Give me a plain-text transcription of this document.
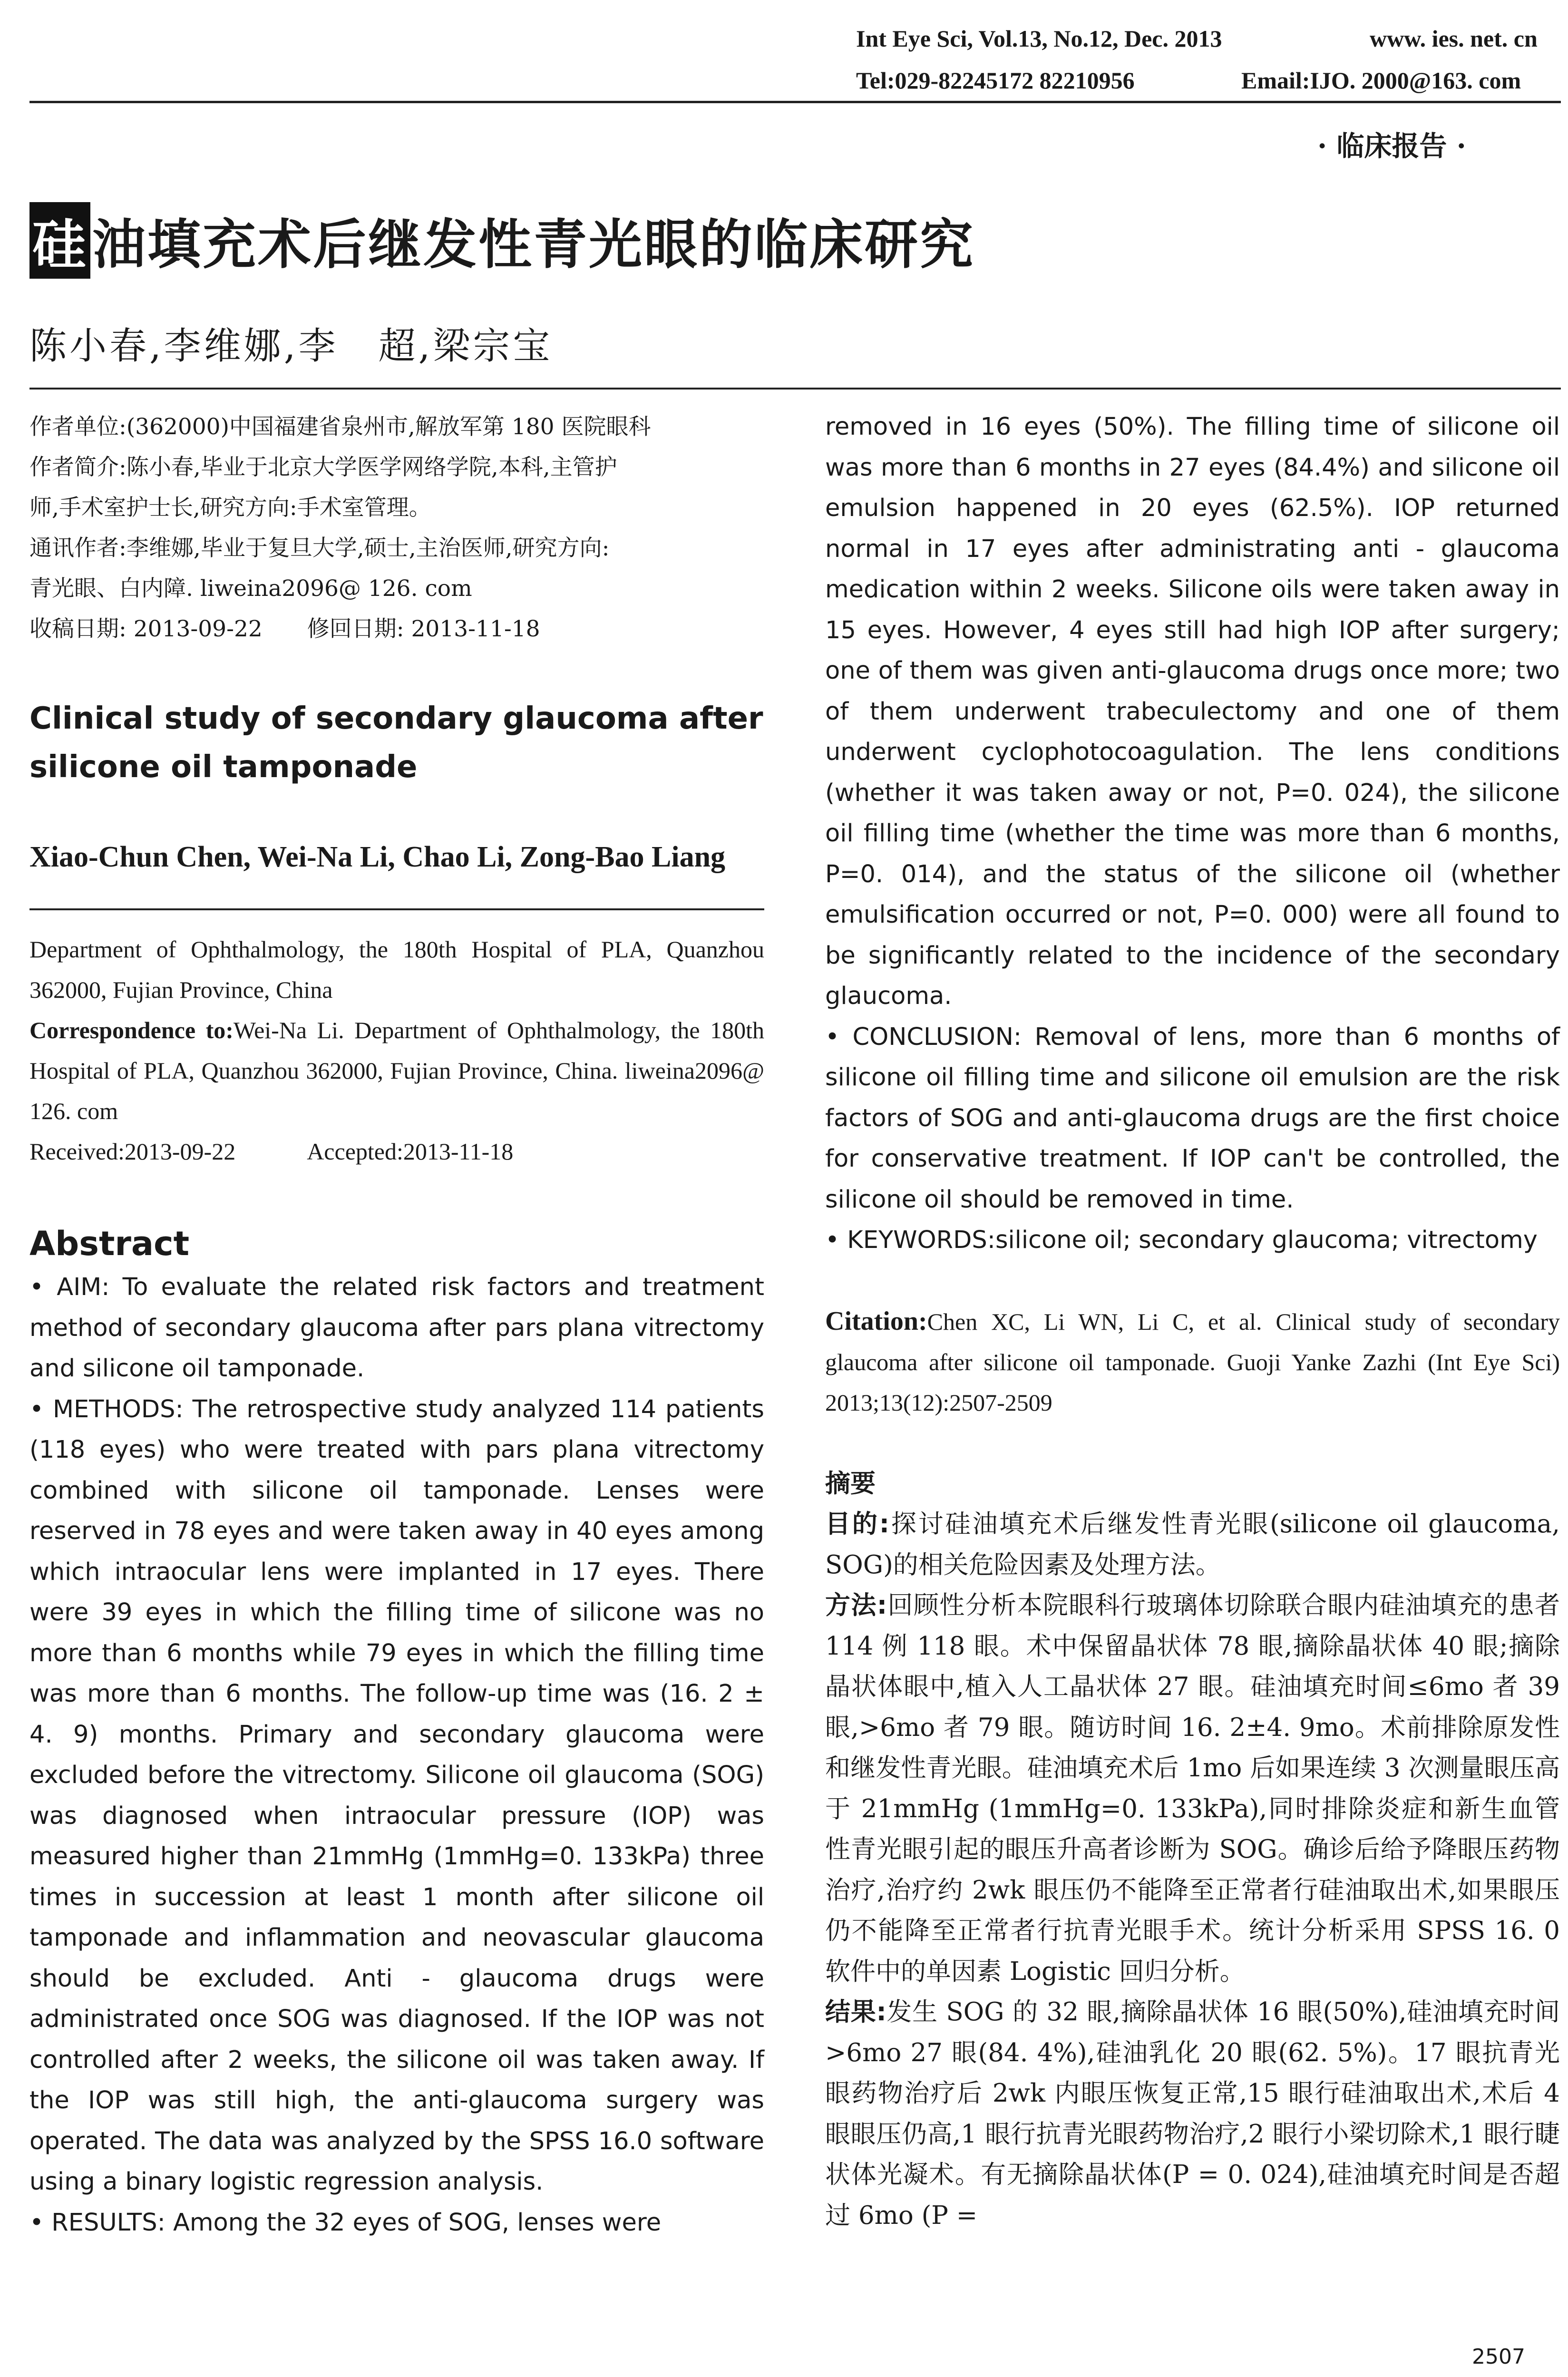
Int Eye Sci, Vol.13, No.12, Dec. 2013	www. ies. net. cn
Tel:029-82245172 82210956	Email:IJO. 2000@163. com
· 临床报告 ·
硅油填充术后继发性青光眼的临床研究
陈小春,李维娜,李　超,梁宗宝
作者单位:(362000)中国福建省泉州市,解放军第 180 医院眼科
作者简介:陈小春,毕业于北京大学医学网络学院,本科,主管护
师,手术室护士长,研究方向:手术室管理。
通讯作者:李维娜,毕业于复旦大学,硕士,主治医师,研究方向:
青光眼、白内障. liweina2096@ 126. com
收稿日期: 2013-09-22　　修回日期: 2013-11-18
Clinical study of secondary glaucoma after silicone oil tamponade
Xiao-Chun Chen, Wei-Na Li, Chao Li, Zong-Bao Liang
Department of Ophthalmology, the 180th Hospital of PLA, Quanzhou 362000, Fujian Province, China
Correspondence to:Wei-Na Li. Department of Ophthalmology, the 180th Hospital of PLA, Quanzhou 362000, Fujian Province, China. liweina2096@ 126. com
Received:2013-09-22　　　Accepted:2013-11-18
Abstract

• AIM: To evaluate the related risk factors and treatment method of secondary glaucoma after pars plana vitrectomy and silicone oil tamponade.

• METHODS: The retrospective study analyzed 114 patients (118 eyes) who were treated with pars plana vitrectomy combined with silicone oil tamponade. Lenses were reserved in 78 eyes and were taken away in 40 eyes among which intraocular lens were implanted in 17 eyes. There were 39 eyes in which the filling time of silicone was no more than 6 months while 79 eyes in which the filling time was more than 6 months. The follow-up time was (16. 2 ± 4. 9) months. Primary and secondary glaucoma were excluded before the vitrectomy. Silicone oil glaucoma (SOG) was diagnosed when intraocular pressure (IOP) was measured higher than 21mmHg (1mmHg=0. 133kPa) three times in succession at least 1 month after silicone oil tamponade and inflammation and neovascular glaucoma should be excluded. Anti - glaucoma drugs were administrated once SOG was diagnosed. If the IOP was not controlled after 2 weeks, the silicone oil was taken away. If the IOP was still high, the anti-glaucoma surgery was operated. The data was analyzed by the SPSS 16.0 software using a binary logistic regression analysis.

• RESULTS: Among the 32 eyes of SOG, lenses were

removed in 16 eyes (50%). The filling time of silicone oil was more than 6 months in 27 eyes (84.4%) and silicone oil emulsion happened in 20 eyes (62.5%). IOP returned normal in 17 eyes after administrating anti - glaucoma medication within 2 weeks. Silicone oils were taken away in 15 eyes. However, 4 eyes still had high IOP after surgery; one of them was given anti-glaucoma drugs once more; two of them underwent trabeculectomy and one of them underwent cyclophotocoagulation. The lens conditions (whether it was taken away or not, P=0. 024), the silicone oil filling time (whether the time was more than 6 months, P=0. 014), and the status of the silicone oil (whether emulsification occurred or not, P=0. 000) were all found to be significantly related to the incidence of the secondary glaucoma.

• CONCLUSION: Removal of lens, more than 6 months of silicone oil filling time and silicone oil emulsion are the risk factors of SOG and anti-glaucoma drugs are the first choice for conservative treatment. If IOP can't be controlled, the silicone oil should be removed in time.

• KEYWORDS:silicone oil; secondary glaucoma; vitrectomy

Citation:Chen XC, Li WN, Li C, et al. Clinical study of secondary glaucoma after silicone oil tamponade. Guoji Yanke Zazhi (Int Eye Sci) 2013;13(12):2507-2509
摘要

目的:探讨硅油填充术后继发性青光眼(silicone oil glaucoma, SOG)的相关危险因素及处理方法。

方法:回顾性分析本院眼科行玻璃体切除联合眼内硅油填充的患者 114 例 118 眼。术中保留晶状体 78 眼,摘除晶状体 40 眼;摘除晶状体眼中,植入人工晶状体 27 眼。硅油填充时间≤6mo 者 39 眼,>6mo 者 79 眼。随访时间 16. 2±4. 9mo。术前排除原发性和继发性青光眼。硅油填充术后 1mo 后如果连续 3 次测量眼压高于 21mmHg (1mmHg=0. 133kPa),同时排除炎症和新生血管性青光眼引起的眼压升高者诊断为 SOG。确诊后给予降眼压药物治疗,治疗约 2wk 眼压仍不能降至正常者行硅油取出术,如果眼压仍不能降至正常者行抗青光眼手术。统计分析采用 SPSS 16. 0 软件中的单因素 Logistic 回归分析。

结果:发生 SOG 的 32 眼,摘除晶状体 16 眼(50%),硅油填充时间>6mo 27 眼(84. 4%),硅油乳化 20 眼(62. 5%)。17 眼抗青光眼药物治疗后 2wk 内眼压恢复正常,15 眼行硅油取出术,术后 4 眼眼压仍高,1 眼行抗青光眼药物治疗,2 眼行小梁切除术,1 眼行睫状体光凝术。有无摘除晶状体(P = 0. 024),硅油填充时间是否超过 6mo (P =

2507
